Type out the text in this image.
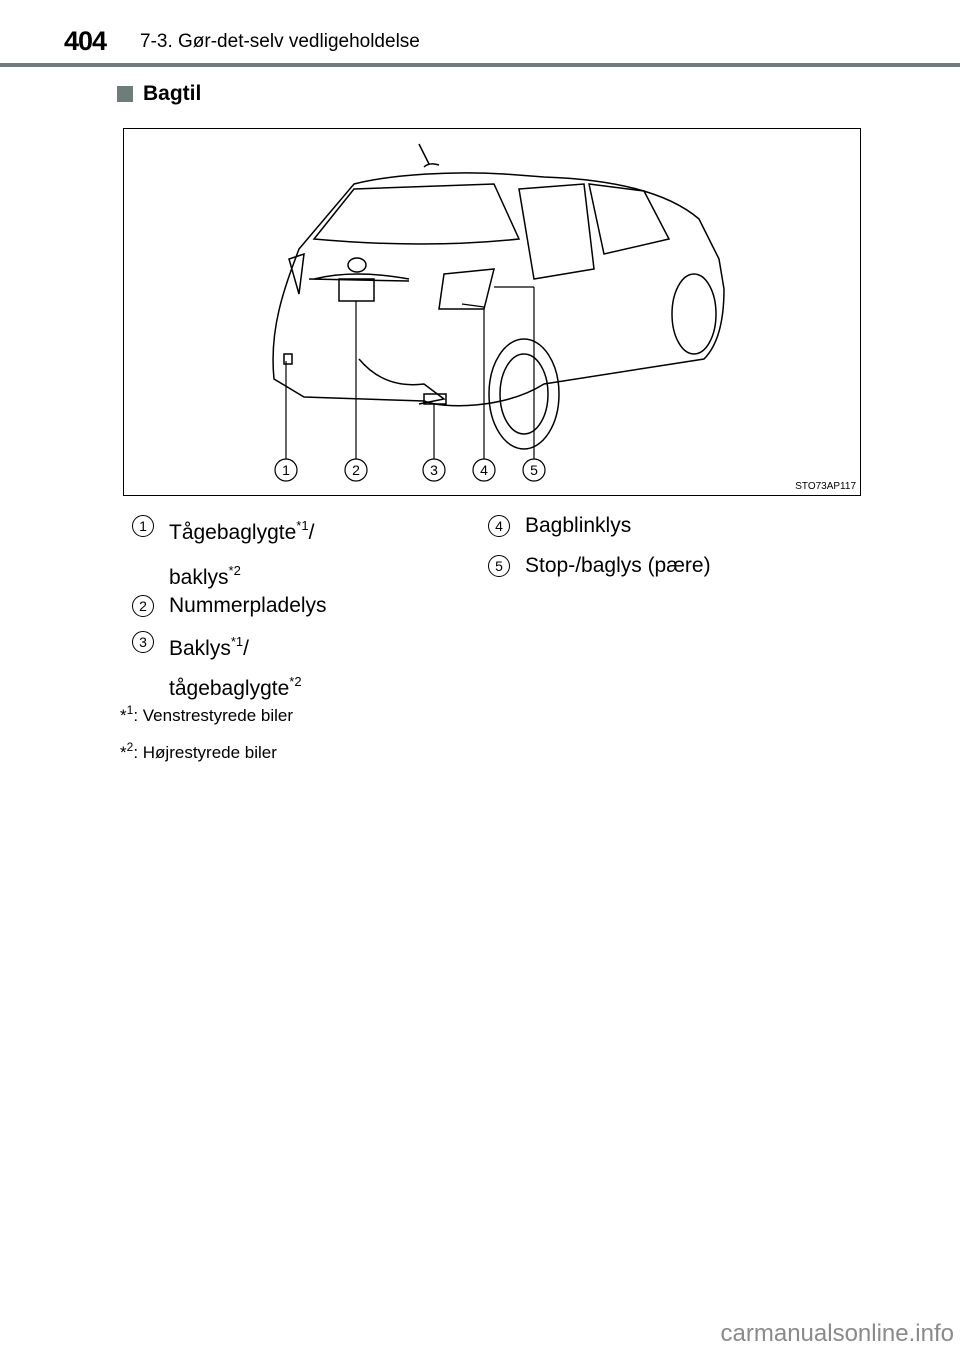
404 7-3. Gør-det-selv vedligeholdelse
Bagtil
1	2	3	4	5
STO73AP117
1	Tågebaglygte$^{*1}$/
baklys$^{*2}$
2	Nummerpladelys
3	Baklys$^{*1}$/
tågebaglygte$^{*2}$
4	Bagblinklys
5	Stop-/baglys (pære)
*$^1$: Venstrestyrede biler
*$^2$: Højrestyrede biler
carmanualsonline.info
